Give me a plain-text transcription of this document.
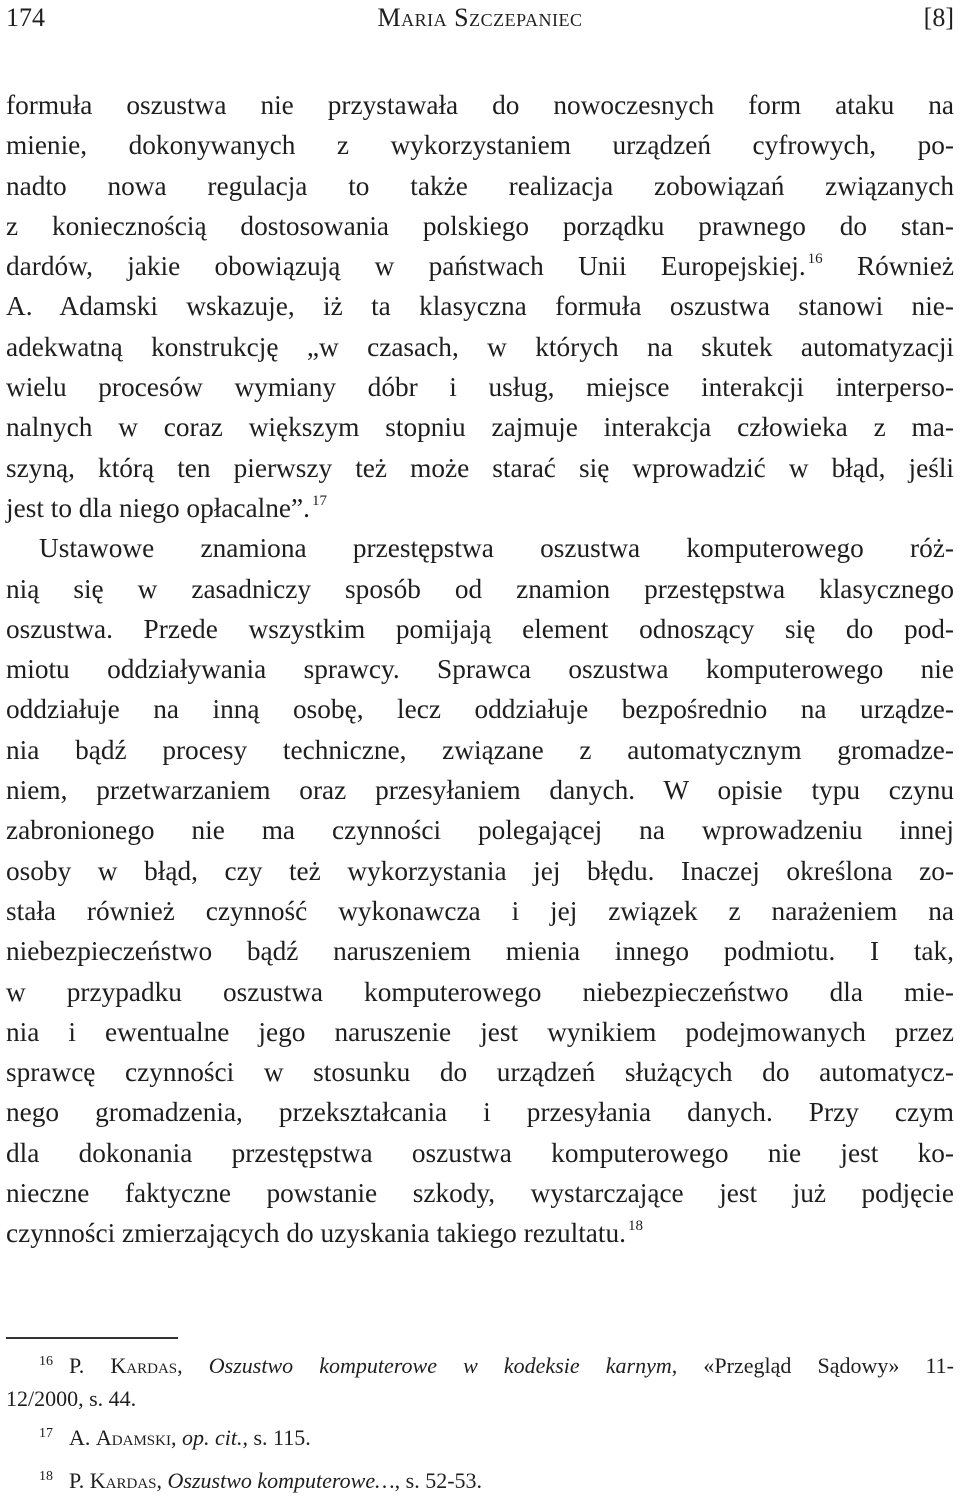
174	Maria Szczepaniec	[8]
formuła oszustwa nie przystawała do nowoczesnych form ataku na
mienie, dokonywanych z wykorzystaniem urządzeń cyfrowych, po-
nadto nowa regulacja to także realizacja zobowiązań związanych
z koniecznością dostosowania polskiego porządku prawnego do stan-
dardów, jakie obowiązują w państwach Unii Europejskiej. $^{16}$ Również
A. Adamski wskazuje, iż ta klasyczna formuła oszustwa stanowi nie-
adekwatną konstrukcję „w czasach, w których na skutek automatyzacji
wielu procesów wymiany dóbr i usług, miejsce interakcji interperso-
nalnych w coraz większym stopniu zajmuje interakcja człowieka z ma-
szyną, którą ten pierwszy też może starać się wprowadzić w błąd, jeśli
jest to dla niego opłacalne”. $^{17}$
Ustawowe znamiona przestępstwa oszustwa komputerowego róż-
nią się w zasadniczy sposób od znamion przestępstwa klasycznego
oszustwa. Przede wszystkim pomijają element odnoszący się do pod-
miotu oddziaływania sprawcy. Sprawca oszustwa komputerowego nie
oddziałuje na inną osobę, lecz oddziałuje bezpośrednio na urządze-
nia bądź procesy techniczne, związane z automatycznym gromadze-
niem, przetwarzaniem oraz przesyłaniem danych. W opisie typu czynu
zabronionego nie ma czynności polegającej na wprowadzeniu innej
osoby w błąd, czy też wykorzystania jej błędu. Inaczej określona zo-
stała również czynność wykonawcza i jej związek z narażeniem na
niebezpieczeństwo bądź naruszeniem mienia innego podmiotu. I tak,
w przypadku oszustwa komputerowego niebezpieczeństwo dla mie-
nia i ewentualne jego naruszenie jest wynikiem podejmowanych przez
sprawcę czynności w stosunku do urządzeń służących do automatycz-
nego gromadzenia, przekształcania i przesyłania danych. Przy czym
dla dokonania przestępstwa oszustwa komputerowego nie jest ko-
nieczne faktyczne powstanie szkody, wystarczające jest już podjęcie
czynności zmierzających do uzyskania takiego rezultatu. $^{18}$
$^{16}$ P. Kardas, Oszustwo komputerowe w kodeksie karnym, «Przegląd Sądowy» 11-
12/2000, s. 44.
$^{17}$ A. Adamski, op. cit., s. 115.
$^{18}$ P. Kardas, Oszustwo komputerowe…, s. 52-53.
